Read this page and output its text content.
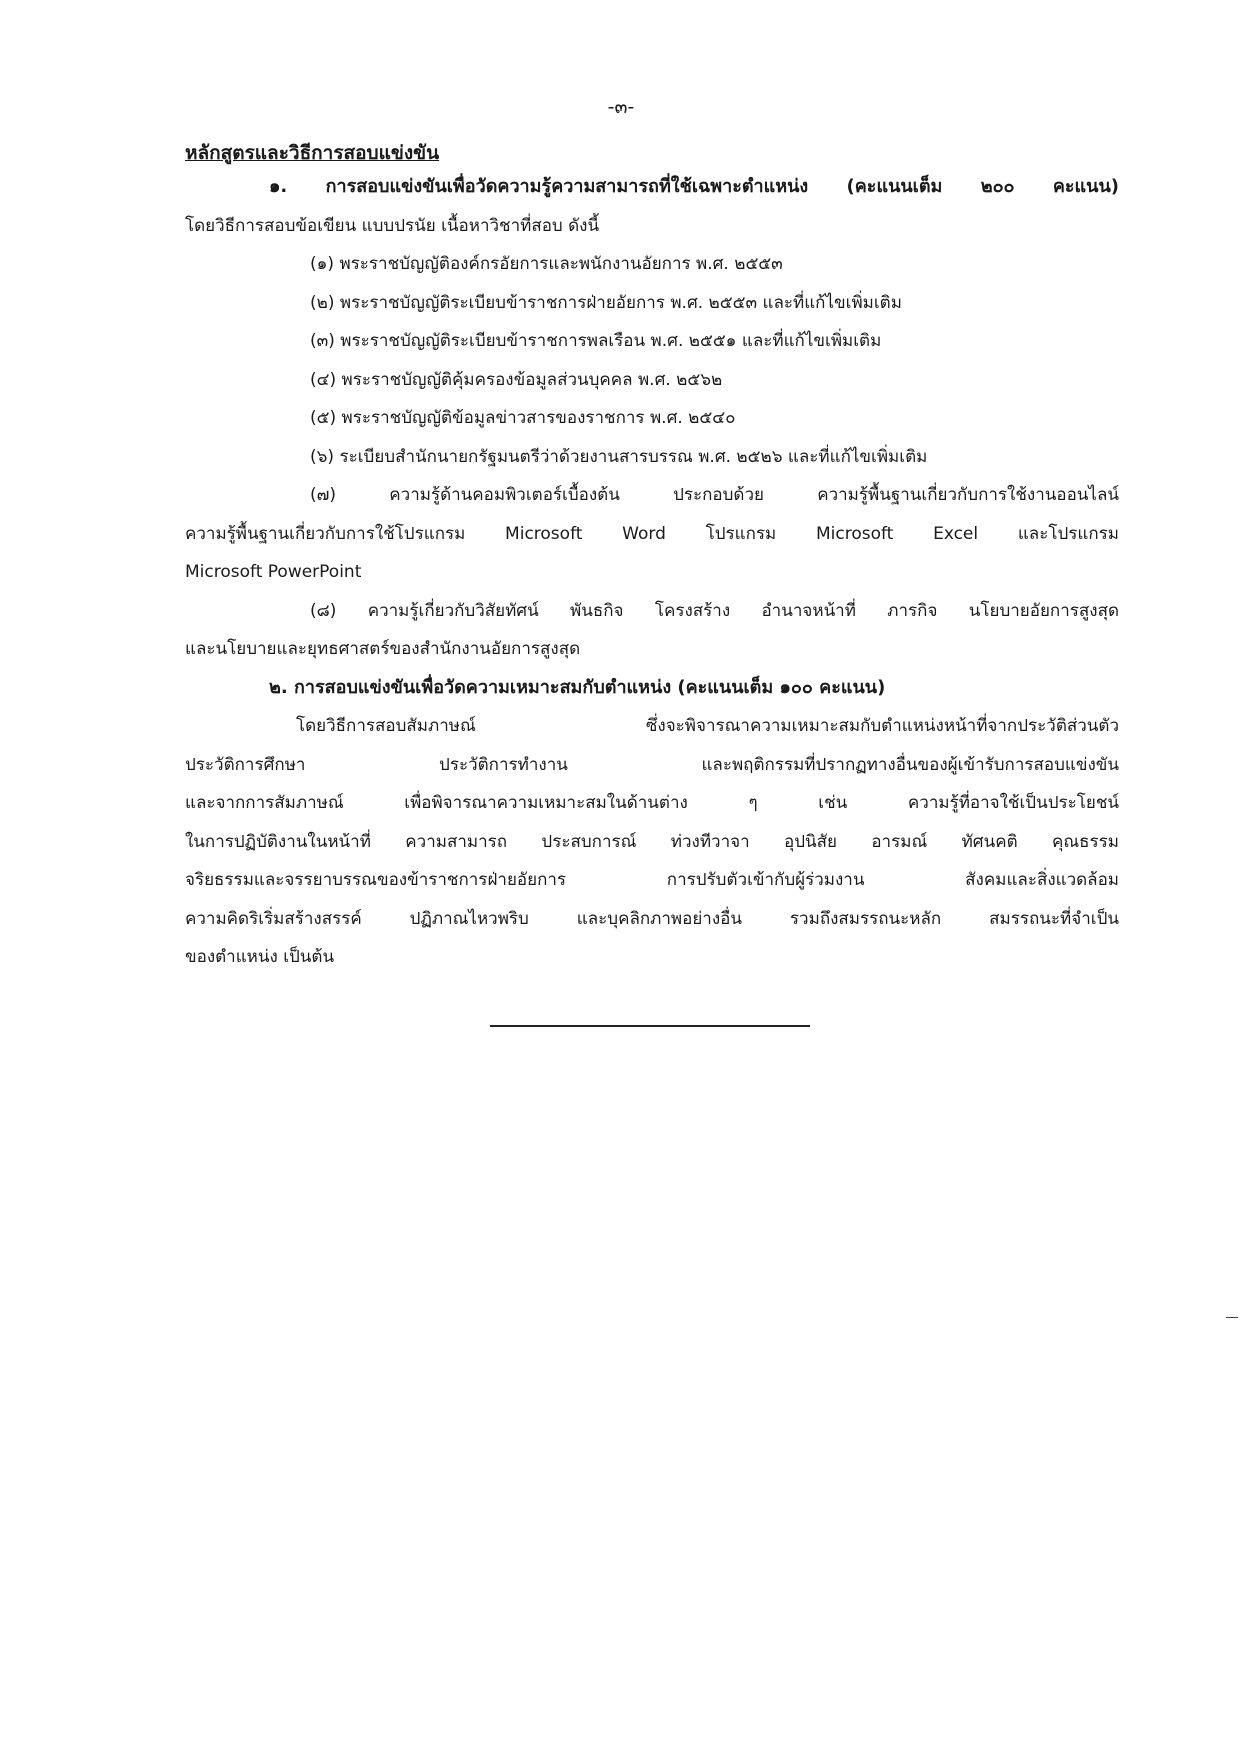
-๓-
หลักสูตรและวิธีการสอบแข่งขัน
๑. การสอบแข่งขันเพื่อวัดความรู้ความสามารถที่ใช้เฉพาะตำแหน่ง (คะแนนเต็ม ๒๐๐ คะแนน)
โดยวิธีการสอบข้อเขียน แบบปรนัย เนื้อหาวิชาที่สอบ ดังนี้
(๑) พระราชบัญญัติองค์กรอัยการและพนักงานอัยการ พ.ศ. ๒๕๕๓
(๒) พระราชบัญญัติระเบียบข้าราชการฝ่ายอัยการ พ.ศ. ๒๕๕๓ และที่แก้ไขเพิ่มเติม
(๓) พระราชบัญญัติระเบียบข้าราชการพลเรือน พ.ศ. ๒๕๕๑ และที่แก้ไขเพิ่มเติม
(๔) พระราชบัญญัติคุ้มครองข้อมูลส่วนบุคคล พ.ศ. ๒๕๖๒
(๕) พระราชบัญญัติข้อมูลข่าวสารของราชการ พ.ศ. ๒๕๔๐
(๖) ระเบียบสำนักนายกรัฐมนตรีว่าด้วยงานสารบรรณ พ.ศ. ๒๕๒๖ และที่แก้ไขเพิ่มเติม
(๗) ความรู้ด้านคอมพิวเตอร์เบื้องต้น ประกอบด้วย ความรู้พื้นฐานเกี่ยวกับการใช้งานออนไลน์
ความรู้พื้นฐานเกี่ยวกับการใช้โปรแกรม Microsoft Word โปรแกรม Microsoft Excel และโปรแกรม
Microsoft PowerPoint
(๘) ความรู้เกี่ยวกับวิสัยทัศน์ พันธกิจ โครงสร้าง อำนาจหน้าที่ ภารกิจ นโยบายอัยการสูงสุด
และนโยบายและยุทธศาสตร์ของสำนักงานอัยการสูงสุด
๒. การสอบแข่งขันเพื่อวัดความเหมาะสมกับตำแหน่ง (คะแนนเต็ม ๑๐๐ คะแนน)
โดยวิธีการสอบสัมภาษณ์ ซึ่งจะพิจารณาความเหมาะสมกับตำแหน่งหน้าที่จากประวัติส่วนตัว
ประวัติการศึกษา ประวัติการทำงาน และพฤติกรรมที่ปรากฏทางอื่นของผู้เข้ารับการสอบแข่งขัน
และจากการสัมภาษณ์ เพื่อพิจารณาความเหมาะสมในด้านต่าง ๆ เช่น ความรู้ที่อาจใช้เป็นประโยชน์
ในการปฏิบัติงานในหน้าที่ ความสามารถ ประสบการณ์ ท่วงทีวาจา อุปนิสัย อารมณ์ ทัศนคติ คุณธรรม
จริยธรรมและจรรยาบรรณของข้าราชการฝ่ายอัยการ การปรับตัวเข้ากับผู้ร่วมงาน สังคมและสิ่งแวดล้อม
ความคิดริเริ่มสร้างสรรค์ ปฏิภาณไหวพริบ และบุคลิกภาพอย่างอื่น รวมถึงสมรรถนะหลัก สมรรถนะที่จำเป็น
ของตำแหน่ง เป็นต้น
